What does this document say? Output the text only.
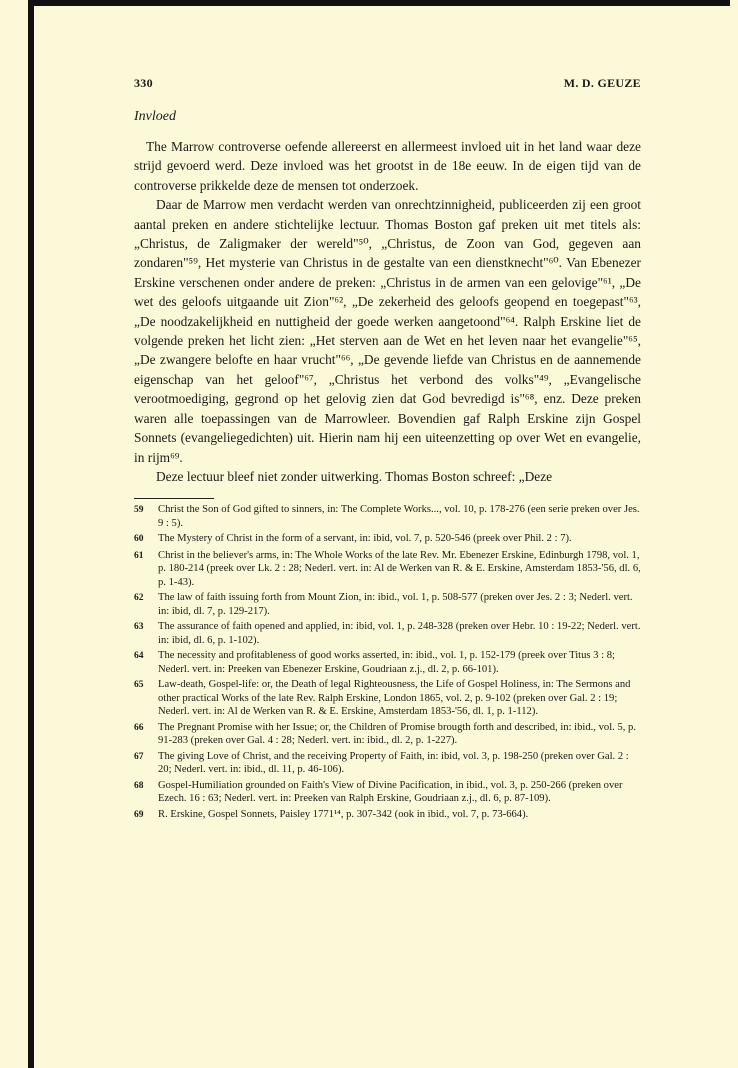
330	M. D. GEUZE
Invloed

The Marrow controverse oefende allereerst en allermeest invloed uit in het land waar deze strijd gevoerd werd. Deze invloed was het grootst in de 18e eeuw. In de eigen tijd van de controverse prikkelde deze de mensen tot onderzoek.

Daar de Marrow men verdacht werden van onrechtzinnigheid, publiceerden zij een groot aantal preken en andere stichtelijke lectuur. Thomas Boston gaf preken uit met titels als: „Christus, de Zaligmaker der wereld"⁵⁰, „Christus, de Zoon van God, gegeven aan zondaren"⁵⁹, Het mysterie van Christus in de gestalte van een dienstknecht"⁶⁰. Van Ebenezer Erskine verschenen onder andere de preken: „Christus in de armen van een gelovige"⁶¹, „De wet des geloofs uitgaande uit Zion"⁶², „De zekerheid des geloofs geopend en toegepast"⁶³, „De noodzakelijkheid en nuttigheid der goede werken aangetoond"⁶⁴. Ralph Erskine liet de volgende preken het licht zien: „Het sterven aan de Wet en het leven naar het evangelie"⁶⁵, „De zwangere belofte en haar vrucht"⁶⁶, „De gevende liefde van Christus en de aannemende eigenschap van het geloof"⁶⁷, „Christus het verbond des volks"⁴⁹, „Evangelische verootmoediging, gegrond op het gelovig zien dat God bevredigd is"⁶⁸, enz. Deze preken waren alle toepassingen van de Marrowleer. Bovendien gaf Ralph Erskine zijn Gospel Sonnets (evangeliegedichten) uit. Hierin nam hij een uiteenzetting op over Wet en evangelie, in rijm⁶⁹.

Deze lectuur bleef niet zonder uitwerking. Thomas Boston schreef: „Deze

59	Christ the Son of God gifted to sinners, in: The Complete Works..., vol. 10, p. 178-276 (een serie preken over Jes. 9 : 5).
60	The Mystery of Christ in the form of a servant, in: ibid, vol. 7, p. 520-546 (preek over Phil. 2 : 7).
61	Christ in the believer's arms, in: The Whole Works of the late Rev. Mr. Ebenezer Erskine, Edinburgh 1798, vol. 1, p. 180-214 (preek over Lk. 2 : 28; Nederl. vert. in: Al de Werken van R. & E. Erskine, Amsterdam 1853-'56, dl. 6, p. 1-43).
62	The law of faith issuing forth from Mount Zion, in: ibid., vol. 1, p. 508-577 (preken over Jes. 2 : 3; Nederl. vert. in: ibid, dl. 7, p. 129-217).
63	The assurance of faith opened and applied, in: ibid, vol. 1, p. 248-328 (preken over Hebr. 10 : 19-22; Nederl. vert. in: ibid, dl. 6, p. 1-102).
64	The necessity and profitableness of good works asserted, in: ibid., vol. 1, p. 152-179 (preek over Titus 3 : 8; Nederl. vert. in: Preeken van Ebenezer Erskine, Goudriaan z.j., dl. 2, p. 66-101).
65	Law-death, Gospel-life: or, the Death of legal Righteousness, the Life of Gospel Holiness, in: The Sermons and other practical Works of the late Rev. Ralph Erskine, London 1865, vol. 2, p. 9-102 (preken over Gal. 2 : 19; Nederl. vert. in: Al de Werken van R. & E. Erskine, Amsterdam 1853-'56, dl. 1, p. 1-112).
66	The Pregnant Promise with her Issue; or, the Children of Promise brougth forth and described, in: ibid., vol. 5, p. 91-283 (preken over Gal. 4 : 28; Nederl. vert. in: ibid., dl. 2, p. 1-227).
67	The giving Love of Christ, and the receiving Property of Faith, in: ibid, vol. 3, p. 198-250 (preken over Gal. 2 : 20; Nederl. vert. in: ibid., dl. 11, p. 46-106).
68	Gospel-Humiliation grounded on Faith's View of Divine Pacification, in ibid., vol. 3, p. 250-266 (preken over Ezech. 16 : 63; Nederl. vert. in: Preeken van Ralph Erskine, Goudriaan z.j., dl. 6, p. 87-109).
69	R. Erskine, Gospel Sonnets, Paisley 1771¹⁴, p. 307-342 (ook in ibid., vol. 7, p. 73-664).
